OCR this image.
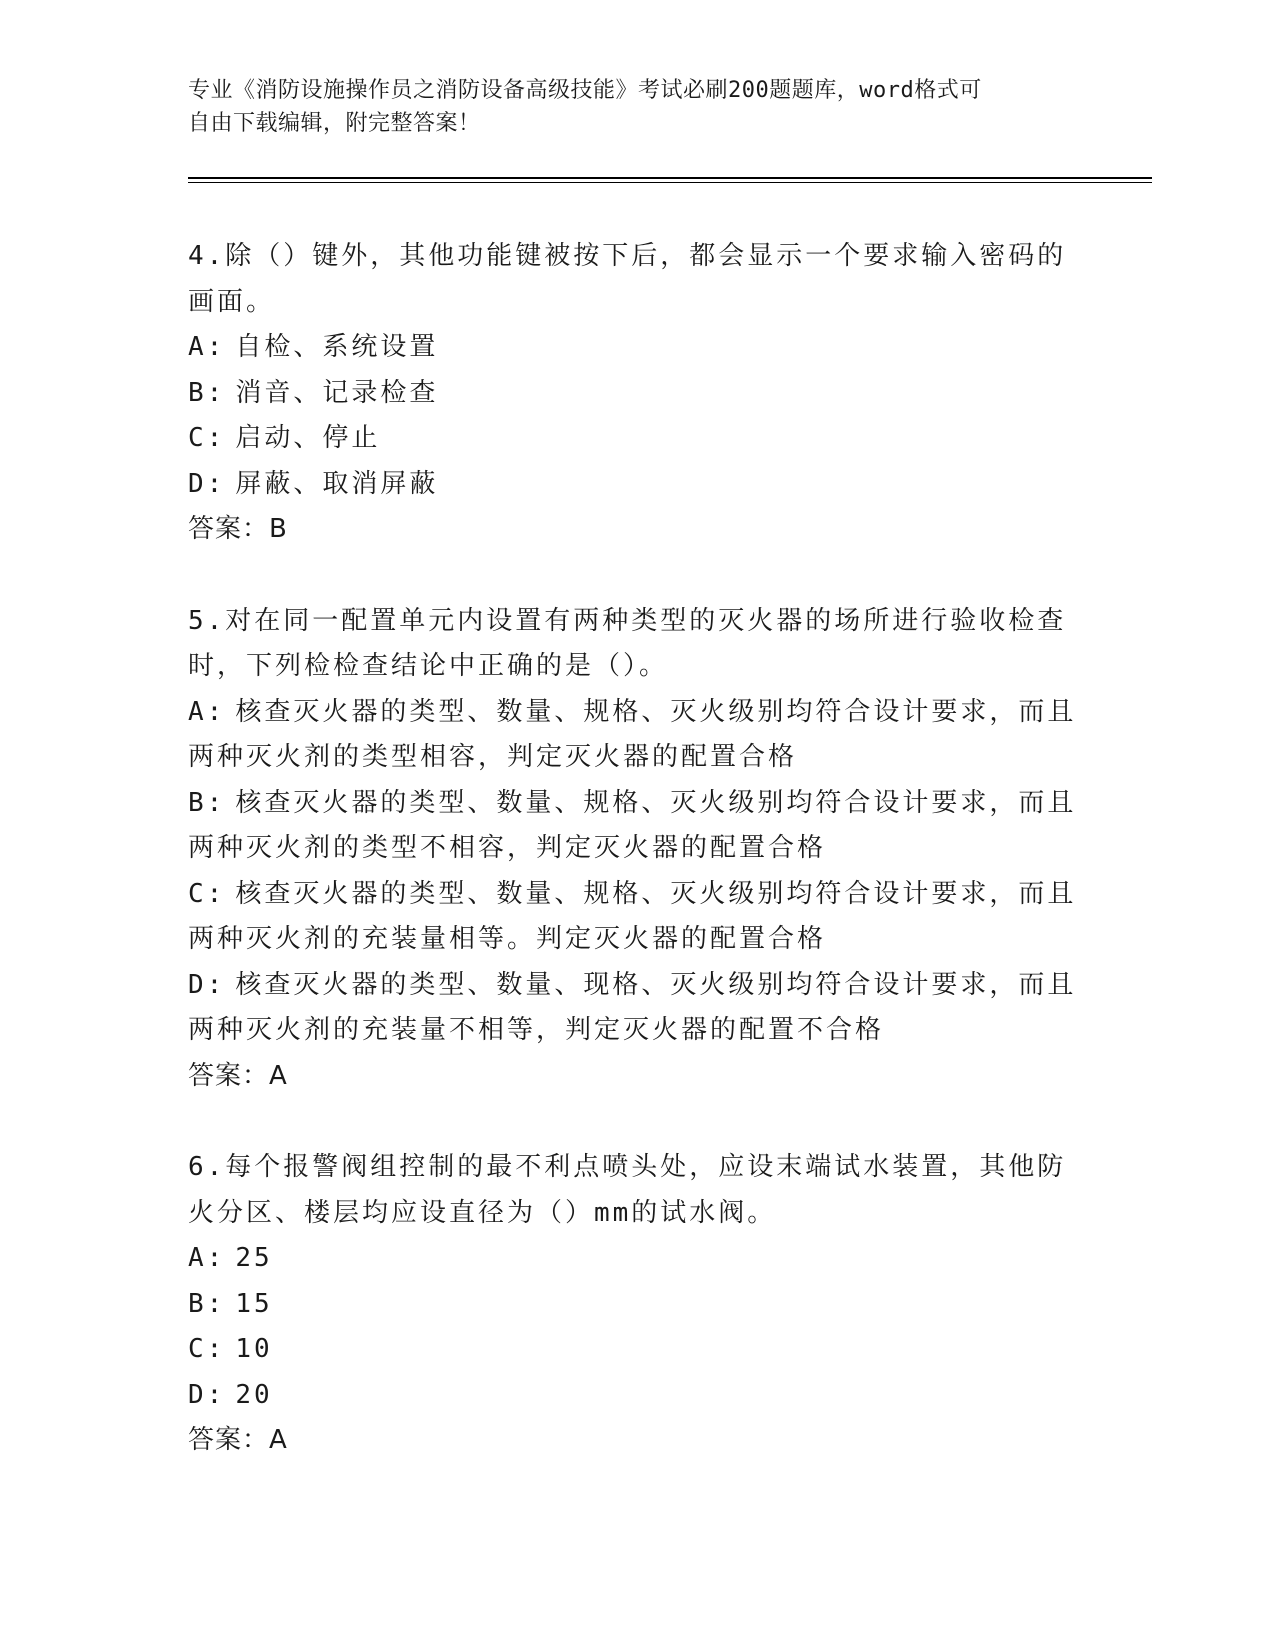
专业《消防设施操作员之消防设备高级技能》考试必刷200题题库，word格式可
自由下载编辑，附完整答案！
4.除（）键外，其他功能键被按下后，都会显示一个要求输入密码的
画面。
A: 自检、系统设置
B: 消音、记录检查
C: 启动、停止
D: 屏蔽、取消屏蔽
答案：B
5.对在同一配置单元内设置有两种类型的灭火器的场所进行验收检查
时，下列检检查结论中正确的是（）。
A: 核查灭火器的类型、数量、规格、灭火级别均符合设计要求，而且
两种灭火剂的类型相容，判定灭火器的配置合格
B: 核查灭火器的类型、数量、规格、灭火级别均符合设计要求，而且
两种灭火剂的类型不相容，判定灭火器的配置合格
C: 核查灭火器的类型、数量、规格、灭火级别均符合设计要求，而且
两种灭火剂的充装量相等。判定灭火器的配置合格
D: 核查灭火器的类型、数量、现格、灭火级别均符合设计要求，而且
两种灭火剂的充装量不相等，判定灭火器的配置不合格
答案：A
6.每个报警阀组控制的最不利点喷头处，应设末端试水装置，其他防
火分区、楼层均应设直径为（）mm的试水阀。
A: 25
B: 15
C: 10
D: 20
答案：A
